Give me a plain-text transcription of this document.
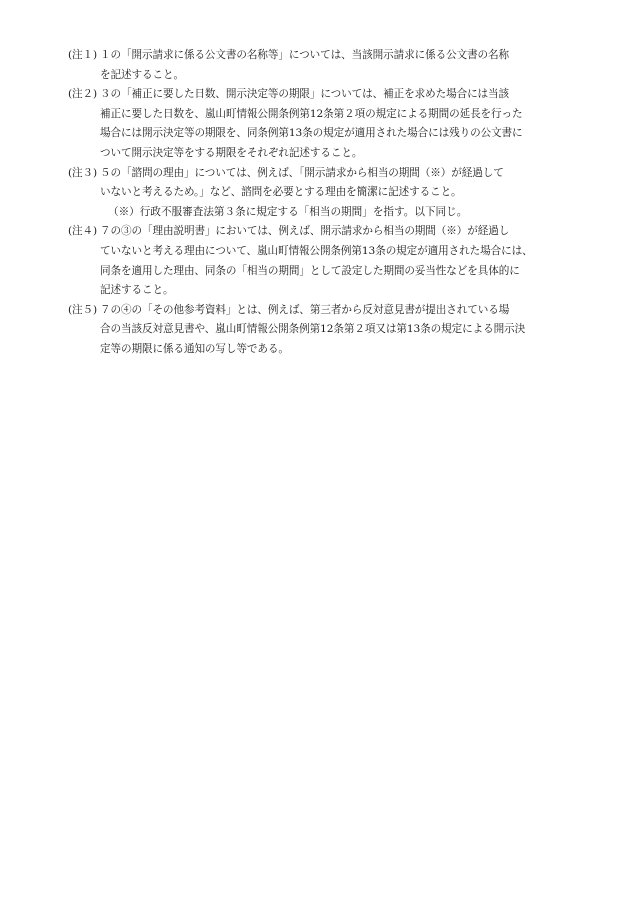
(注１) １の「開示請求に係る公文書の名称等」については、当該開示請求に係る公文書の名称
を記述すること。
(注２) ３の「補正に要した日数、開示決定等の期限」については、補正を求めた場合には当該
補正に要した日数を、嵐山町情報公開条例第12条第２項の規定による期間の延長を行った
場合には開示決定等の期限を、同条例第13条の規定が適用された場合には残りの公文書に
ついて開示決定等をする期限をそれぞれ記述すること。
(注３) ５の「諮問の理由」については、例えば、「開示請求から相当の期間（※）が経過して
いないと考えるため。」など、諮問を必要とする理由を簡潔に記述すること。
（※）行政不服審査法第３条に規定する「相当の期間」を指す。以下同じ。
(注４) ７の③の「理由説明書」においては、例えば、開示請求から相当の期間（※）が経過し
ていないと考える理由について、嵐山町情報公開条例第13条の規定が適用された場合には、
同条を適用した理由、同条の「相当の期間」として設定した期間の妥当性などを具体的に
記述すること。
(注５) ７の④の「その他参考資料」とは、例えば、第三者から反対意見書が提出されている場
合の当該反対意見書や、嵐山町情報公開条例第12条第２項又は第13条の規定による開示決
定等の期限に係る通知の写し等である。
